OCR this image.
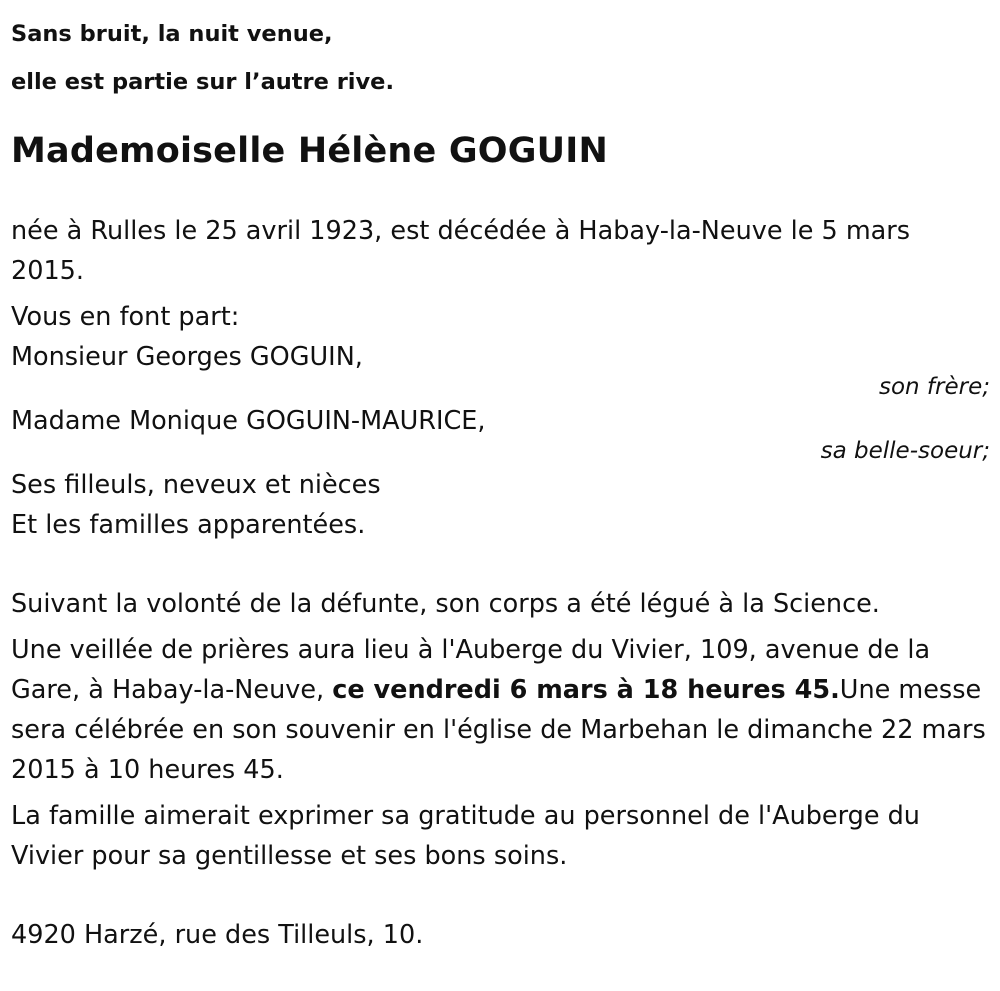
Sans bruit, la nuit venue,
elle est partie sur l’autre rive.
Mademoiselle Hélène GOGUIN

née à Rulles le 25 avril 1923, est décédée à Habay-la-Neuve le 5 mars 2015.

Vous en font part:
Monsieur Georges GOGUIN,
son frère;
Madame Monique GOGUIN-MAURICE,
sa belle-soeur;
Ses filleuls, neveux et nièces
Et les familles apparentées.

Suivant la volonté de la défunte, son corps a été légué à la Science.

Une veillée de prières aura lieu à l'Auberge du Vivier, 109, avenue de la Gare, à Habay-la-Neuve, ce vendredi 6 mars à 18 heures 45.Une messe sera célébrée en son souvenir en l'église de Marbehan le dimanche 22 mars 2015 à 10 heures 45.

La famille aimerait exprimer sa gratitude au personnel de l'Auberge du Vivier pour sa gentillesse et ses bons soins.

4920 Harzé, rue des Tilleuls, 10.
